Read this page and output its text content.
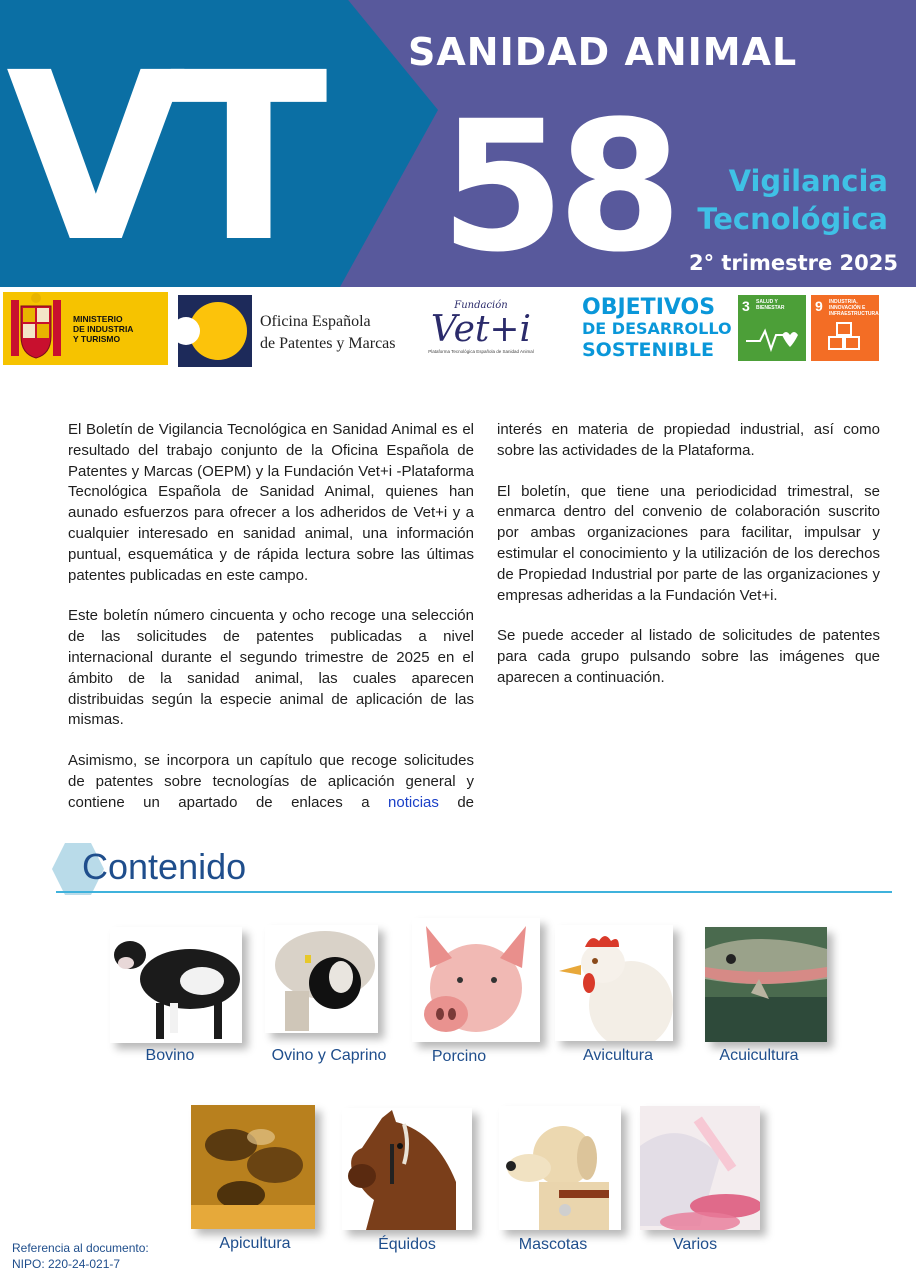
VT	SANIDAD ANIMAL
58	Vigilancia
Tecnológica
2° trimestre 2025
MINISTERIO
DE INDUSTRIA
Y TURISMO
Oficina Española
de Patentes y Marcas
Fundación
Vet+i
Plataforma Tecnológica Española de Sanidad Animal
OBJETIVOS
DE DESARROLLO
SOSTENIBLE
3 SALUD Y BIENESTAR	9 INDUSTRIA, INNOVACIÓN E INFRAESTRUCTURA

El Boletín de Vigilancia Tecnológica en Sanidad Animal es el resultado del trabajo conjunto de la Oficina Española de Patentes y Marcas (OEPM) y la Fundación Vet+i -Plataforma Tecnológica Española de Sanidad Animal, quienes han aunado esfuerzos para ofrecer a los adheridos de Vet+i y a cualquier interesado en sanidad animal, una información puntual, esquemática y de rápida lectura sobre las últimas patentes publicadas en este campo.

Este boletín número cincuenta y ocho recoge una selección de las solicitudes de patentes publicadas a nivel internacional durante el segundo trimestre de 2025 en el ámbito de la sanidad animal, las cuales aparecen distribuidas según la especie animal de aplicación de las mismas.

Asimismo, se incorpora un capítulo que recoge solicitudes de patentes sobre tecnologías de aplicación general y contiene un apartado de enlaces a noticias de

interés en materia de propiedad industrial, así como sobre las actividades de la Plataforma.

El boletín, que tiene una periodicidad trimestral, se enmarca dentro del convenio de colaboración suscrito por ambas organizaciones para facilitar, impulsar y estimular el conocimiento y la utilización de los derechos de Propiedad Industrial por parte de las organizaciones y empresas adheridas a la Fundación Vet+i.

Se puede acceder al listado de solicitudes de patentes para cada grupo pulsando sobre las imágenes que aparecen a continuación.

Contenido
Bovino	Ovino y Caprino	Porcino	Avicultura	Acuicultura
Apicultura	Équidos	Mascotas	Varios
Referencia al documento:
NIPO: 220-24-021-7
